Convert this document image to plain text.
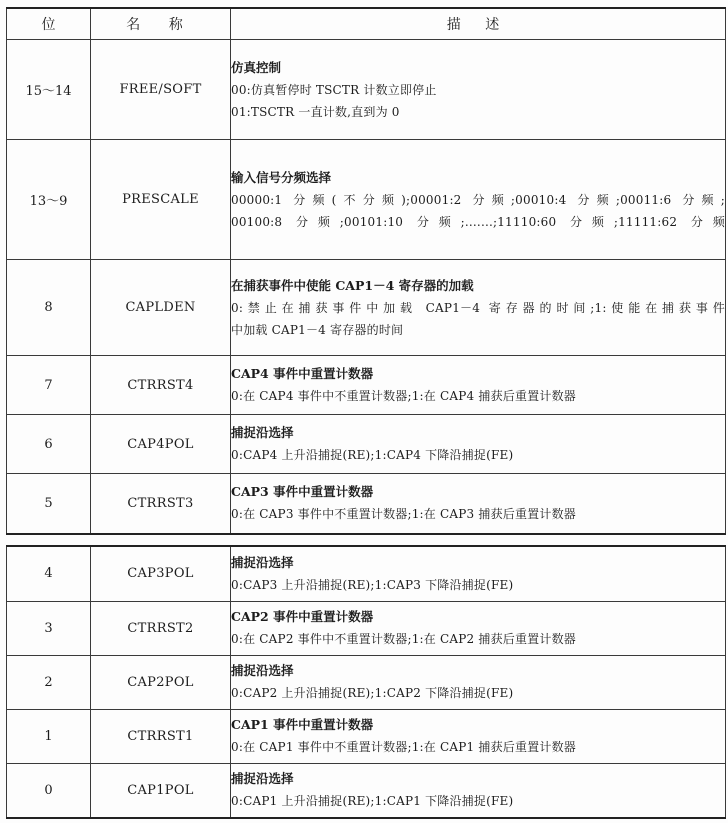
位	名 称	描 述
15～14	FREE/SOFT	仿真控制
00:仿真暂停时 TSCTR 计数立即停止
01:TSCTR 一直计数,直到为 0

13～9	PRESCALE	输入信号分频选择
00000:1 分频(不分频);00001:2 分频;00010:4 分频;00011:6 分频;
00100:8 分频;00101:10 分频;.......;11110:60 分频;11111:62 分频

8	CAPLDEN	在捕获事件中使能 CAP1－4 寄存器的加载
0:禁止在捕获事件中加载 CAP1－4 寄存器的时间;1:使能在捕获事件
中加载 CAP1－4 寄存器的时间

7	CTRRST4	CAP4 事件中重置计数器
0:在 CAP4 事件中不重置计数器;1:在 CAP4 捕获后重置计数器

6	CAP4POL	捕捉沿选择
0:CAP4 上升沿捕捉(RE);1:CAP4 下降沿捕捉(FE)

5	CTRRST3	CAP3 事件中重置计数器
0:在 CAP3 事件中不重置计数器;1:在 CAP3 捕获后重置计数器
4	CAP3POL	捕捉沿选择
0:CAP3 上升沿捕捉(RE);1:CAP3 下降沿捕捉(FE)

3	CTRRST2	CAP2 事件中重置计数器
0:在 CAP2 事件中不重置计数器;1:在 CAP2 捕获后重置计数器

2	CAP2POL	捕捉沿选择
0:CAP2 上升沿捕捉(RE);1:CAP2 下降沿捕捉(FE)

1	CTRRST1	CAP1 事件中重置计数器
0:在 CAP1 事件中不重置计数器;1:在 CAP1 捕获后重置计数器

0	CAP1POL	捕捉沿选择
0:CAP1 上升沿捕捉(RE);1:CAP1 下降沿捕捉(FE)
